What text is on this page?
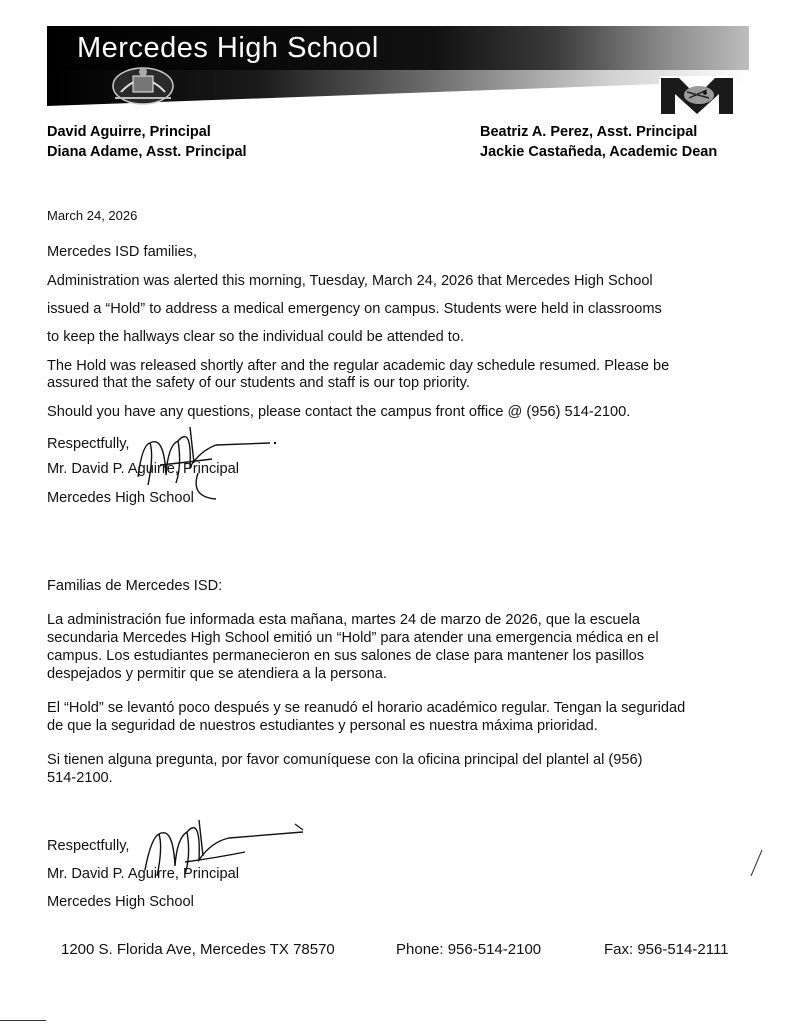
Mercedes High School
David Aguirre, Principal
Diana Adame, Asst. Principal
Beatriz A. Perez, Asst. Principal
Jackie Castañeda, Academic Dean
March 24, 2026
Mercedes ISD families,
Administration was alerted this morning, Tuesday, March 24, 2026 that Mercedes High School
issued a “Hold” to address a medical emergency on campus. Students were held in classrooms
to keep the hallways clear so the individual could be attended to.
The Hold was released shortly after and the regular academic day schedule resumed. Please be
assured that the safety of our students and staff is our top priority.
Should you have any questions, please contact the campus front office @ (956) 514-2100.
Respectfully,
Mr. David P. Aguirre, Principal
Mercedes High School
Familias de Mercedes ISD:
La administración fue informada esta mañana, martes 24 de marzo de 2026, que la escuela
secundaria Mercedes High School emitió un “Hold” para atender una emergencia médica en el
campus. Los estudiantes permanecieron en sus salones de clase para mantener los pasillos
despejados y permitir que se atendiera a la persona.
El “Hold” se levantó poco después y se reanudó el horario académico regular. Tengan la seguridad
de que la seguridad de nuestros estudiantes y personal es nuestra máxima prioridad.
Si tienen alguna pregunta, por favor comuníquese con la oficina principal del plantel al (956)
514-2100.
Respectfully,
Mr. David P. Aguirre, Principal
Mercedes High School
1200 S. Florida Ave, Mercedes TX 78570	Phone: 956-514-2100	Fax: 956-514-2111
